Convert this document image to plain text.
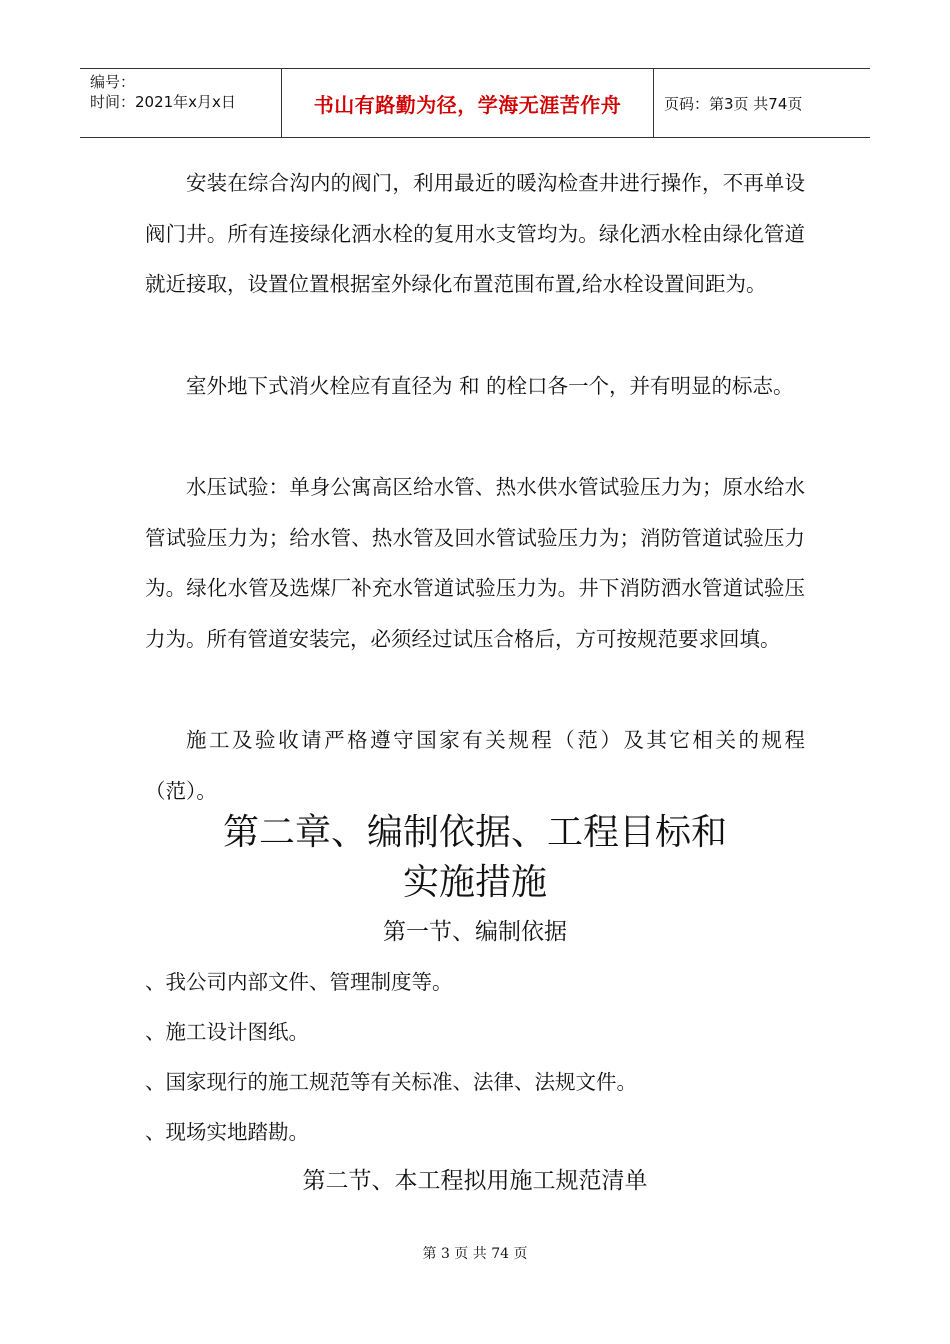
编号：
时间：2021年x月x日	书山有路勤为径，学海无涯苦作舟	页码：第3页 共74页

安装在综合沟内的阀门，利用最近的暖沟检查井进行操作，不再单设阀门井。所有连接绿化洒水栓的复用水支管均为。绿化洒水栓由绿化管道就近接取，设置位置根据室外绿化布置范围布置,给水栓设置间距为。

室外地下式消火栓应有直径为 和 的栓口各一个，并有明显的标志。

水压试验：单身公寓高区给水管、热水供水管试验压力为；原水给水管试验压力为；给水管、热水管及回水管试验压力为；消防管道试验压力为。绿化水管及选煤厂补充水管道试验压力为。井下消防洒水管道试验压力为。所有管道安装完，必须经过试压合格后，方可按规范要求回填。

施工及验收请严格遵守国家有关规程（范）及其它相关的规程（范）。

第二章、编制依据、工程目标和
实施措施
第一节、编制依据

、我公司内部文件、管理制度等。

、施工设计图纸。

、国家现行的施工规范等有关标准、法律、法规文件。

、现场实地踏勘。

第二节、本工程拟用施工规范清单
第 3 页 共 74 页
